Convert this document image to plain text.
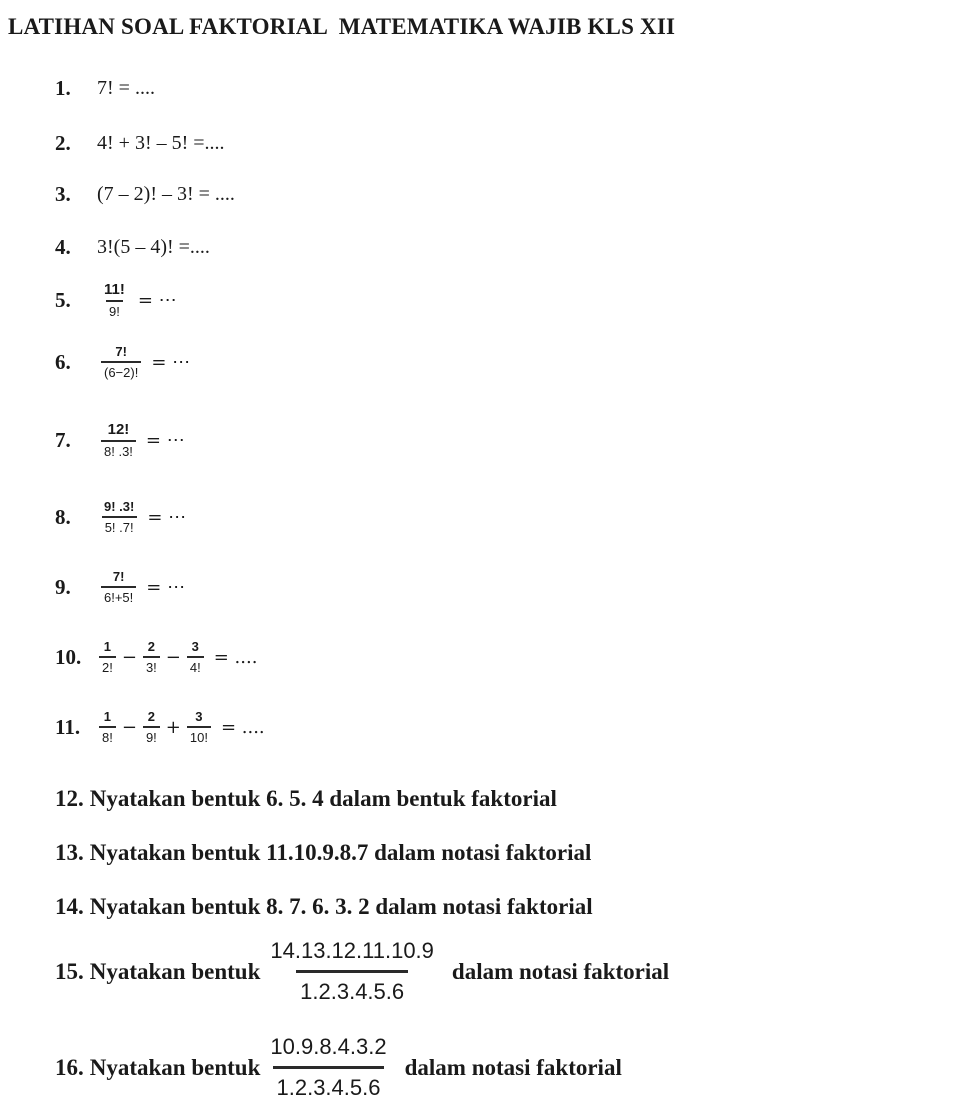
LATIHAN SOAL FAKTORIAL  MATEMATIKA WAJIB KLS XII
1.	7! = ....
2.	4! + 3! – 5! =....
3.	(7 – 2)! – 3! = ....
4.	3!(5 – 4)! =....
5.	$\frac{11!}{9!}$ = ⋯
6.	$\frac{7!}{(6-2)!}$ = ⋯
7.	$\frac{12!}{8! .3!}$ = ⋯
8.	$\frac{9! .3!}{5! .7!}$ = ⋯
9.	$\frac{7!}{6!+5!}$ = ⋯
10.	$\frac{1}{2!} - \frac{2}{3!} - \frac{3}{4!}$ = ....
11.	$\frac{1}{8!} - \frac{2}{9!} + \frac{3}{10!}$ = ....
12. Nyatakan bentuk 6. 5. 4 dalam bentuk faktorial
13. Nyatakan bentuk 11.10.9.8.7 dalam notasi faktorial
14. Nyatakan bentuk 8. 7. 6. 3. 2 dalam notasi faktorial
15. Nyatakan bentuk $\frac{14.13.12.11.10.9}{1.2.3.4.5.6}$ dalam notasi faktorial
16. Nyatakan bentuk $\frac{10.9.8.4.3.2}{1.2.3.4.5.6}$ dalam notasi faktorial
